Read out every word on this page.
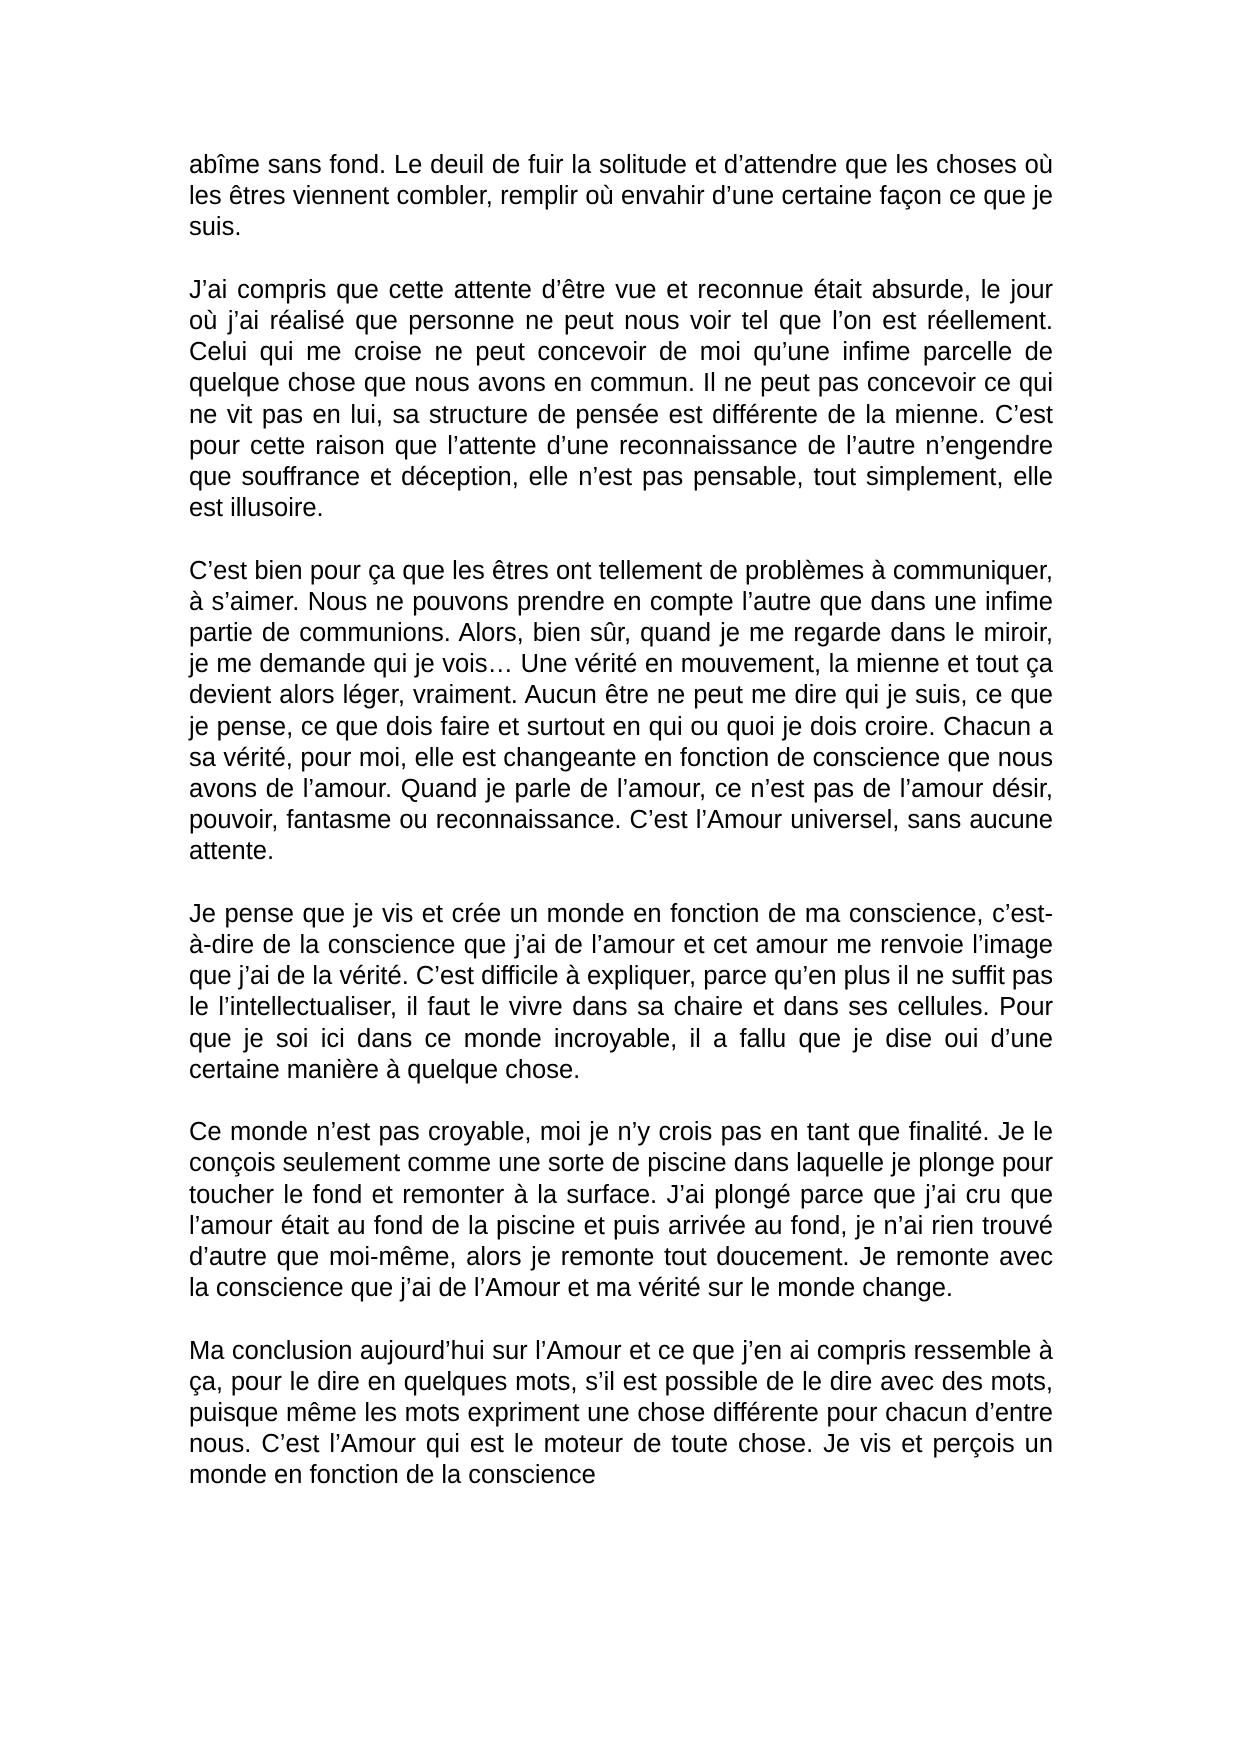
abîme sans fond. Le deuil de fuir la solitude et d’attendre que les choses où les êtres viennent combler, remplir où envahir d’une certaine façon ce que je suis.

J’ai compris que cette attente d’être vue et reconnue était absurde, le jour où j’ai réalisé que personne ne peut nous voir tel que l’on est réellement. Celui qui me croise ne peut concevoir de moi qu’une infime parcelle de quelque chose que nous avons en commun. Il ne peut pas concevoir ce qui ne vit pas en lui, sa structure de pensée est différente de la mienne. C’est pour cette raison que l’attente d’une reconnaissance de l’autre n’engendre que souffrance et déception, elle n’est pas pensable, tout simplement, elle est illusoire.

C’est bien pour ça que les êtres ont tellement de problèmes à communiquer, à s’aimer. Nous ne pouvons prendre en compte l’autre que dans une infime partie de communions. Alors, bien sûr, quand je me regarde dans le miroir, je me demande qui je vois… Une vérité en mouvement, la mienne et tout ça devient alors léger, vraiment. Aucun être ne peut me dire qui je suis, ce que je pense, ce que dois faire et surtout en qui ou quoi je dois croire. Chacun a sa vérité, pour moi, elle est changeante en fonction de conscience que nous avons de l’amour. Quand je parle de l’amour, ce n’est pas de l’amour désir, pouvoir, fantasme ou reconnaissance. C’est l’Amour universel, sans aucune attente.

Je pense que je vis et crée un monde en fonction de ma conscience, c’est-à-dire de la conscience que j’ai de l’amour et cet amour me renvoie l’image que j’ai de la vérité. C’est difficile à expliquer, parce qu’en plus il ne suffit pas le l’intellectualiser, il faut le vivre dans sa chaire et dans ses cellules. Pour que je soi ici dans ce monde incroyable, il a fallu que je dise oui d’une certaine manière à quelque chose.

Ce monde n’est pas croyable, moi je n’y crois pas en tant que finalité. Je le conçois seulement comme une sorte de piscine dans laquelle je plonge pour toucher le fond et remonter à la surface. J’ai plongé parce que j’ai cru que l’amour était au fond de la piscine et puis arrivée au fond, je n’ai rien trouvé d’autre que moi-même, alors je remonte tout doucement. Je remonte avec la conscience que j’ai de l’Amour et ma vérité sur le monde change.

Ma conclusion aujourd’hui sur l’Amour et ce que j’en ai compris ressemble à ça, pour le dire en quelques mots, s’il est possible de le dire avec des mots, puisque même les mots expriment une chose différente pour chacun d’entre nous. C’est l’Amour qui est le moteur de toute chose. Je vis et perçois un monde en fonction de la conscience
